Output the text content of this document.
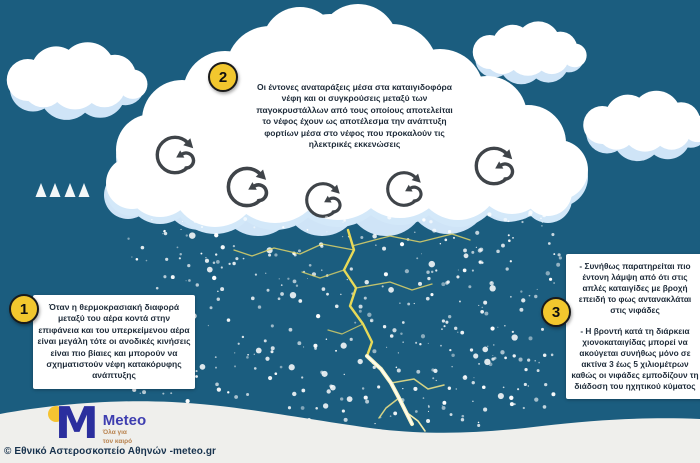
Όταν η θερμοκρασιακή διαφορά μεταξύ του αέρα κοντά στην επιφάνεια και του υπερκείμενου αέρα είναι μεγάλη τότε οι ανοδικές κινήσεις είναι πιο βίαιες και μπορούν να σχηματιστούν νέφη κατακόρυφης ανάπτυξης
Οι έντονες αναταράξεις μέσα στα καταιγιδοφόρα νέφη και οι συγκρούσεις μεταξύ των παγοκρυστάλλων από τους οποίους αποτελείται το νέφος έχουν ως αποτέλεσμα την ανάπτυξη φορτίων μέσα στο νέφος που προκαλούν τις ηλεκτρικές εκκενώσεις

- Συνήθως παρατηρείται πιο έντονη λάμψη από ότι στις απλές καταιγίδες με βροχή επειδή το φως αντανακλάται στις νιφάδες

- Η βροντή κατά τη διάρκεια χιονοκαταιγίδας μπορεί να ακούγεται συνήθως μόνο σε ακτίνα 3 έως 5 χιλιομέτρων καθώς οι νιφάδες εμποδίζουν τη διάδοση του ηχητικού κύματος

1
2
3
M Meteo
Όλα για
τον καιρό
© Εθνικό Αστεροσκοπείο Αθηνών -meteo.gr
